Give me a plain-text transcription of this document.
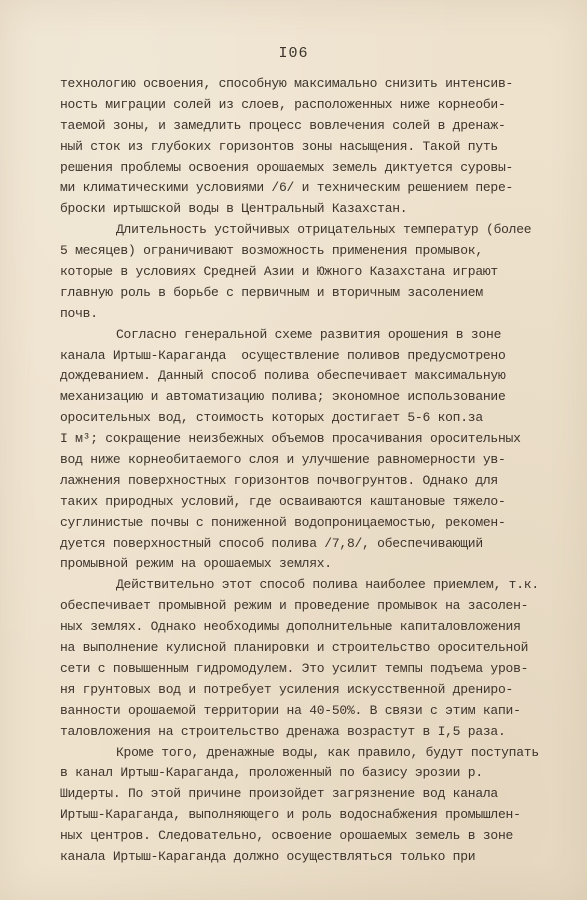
I06
технологию освоения, способную максимально снизить интенсив-
ность миграции солей из слоев, расположенных ниже корнеоби-
таемой зоны, и замедлить процесс вовлечения солей в дренаж-
ный сток из глубоких горизонтов зоны насыщения. Такой путь
решения проблемы освоения орошаемых земель диктуется суровы-
ми климатическими условиями /6/ и техническим решением пере-
броски иртышской воды в Центральный Казахстан.
Длительность устойчивых отрицательных температур (более
5 месяцев) ограничивают возможность применения промывок,
которые в условиях Средней Азии и Южного Казахстана играют
главную роль в борьбе с первичным и вторичным засолением
почв.
Согласно генеральной схеме развития орошения в зоне
канала Иртыш-Караганда  осуществление поливов предусмотрено
дождеванием. Данный способ полива обеспечивает максимальную
механизацию и автоматизацию полива; экономное использование
оросительных вод, стоимость которых достигает 5-6 коп.за
I м³; сокращение неизбежных объемов просачивания оросительных
вод ниже корнеобитаемого слоя и улучшение равномерности ув-
лажнения поверхностных горизонтов почвогрунтов. Однако для
таких природных условий, где осваиваются каштановые тяжело-
суглинистые почвы с пониженной водопроницаемостью, рекомен-
дуется поверхностный способ полива /7,8/, обеспечивающий
промывной режим на орошаемых землях.
Действительно этот способ полива наиболее приемлем, т.к.
обеспечивает промывной режим и проведение промывок на засолен-
ных землях. Однако необходимы дополнительные капиталовложения
на выполнение кулисной планировки и строительство оросительной
сети с повышенным гидромодулем. Это усилит темпы подъема уров-
ня грунтовых вод и потребует усиления искусственной дрениро-
ванности орошаемой территории на 40-50%. В связи с этим капи-
таловложения на строительство дренажа возрастут в I,5 раза.
Кроме того, дренажные воды, как правило, будут поступать
в канал Иртыш-Караганда, проложенный по базису эрозии р.
Шидерты. По этой причине произойдет загрязнение вод канала
Иртыш-Караганда, выполняющего и роль водоснабжения промышлен-
ных центров. Следовательно, освоение орошаемых земель в зоне
канала Иртыш-Караганда должно осуществляться только при
